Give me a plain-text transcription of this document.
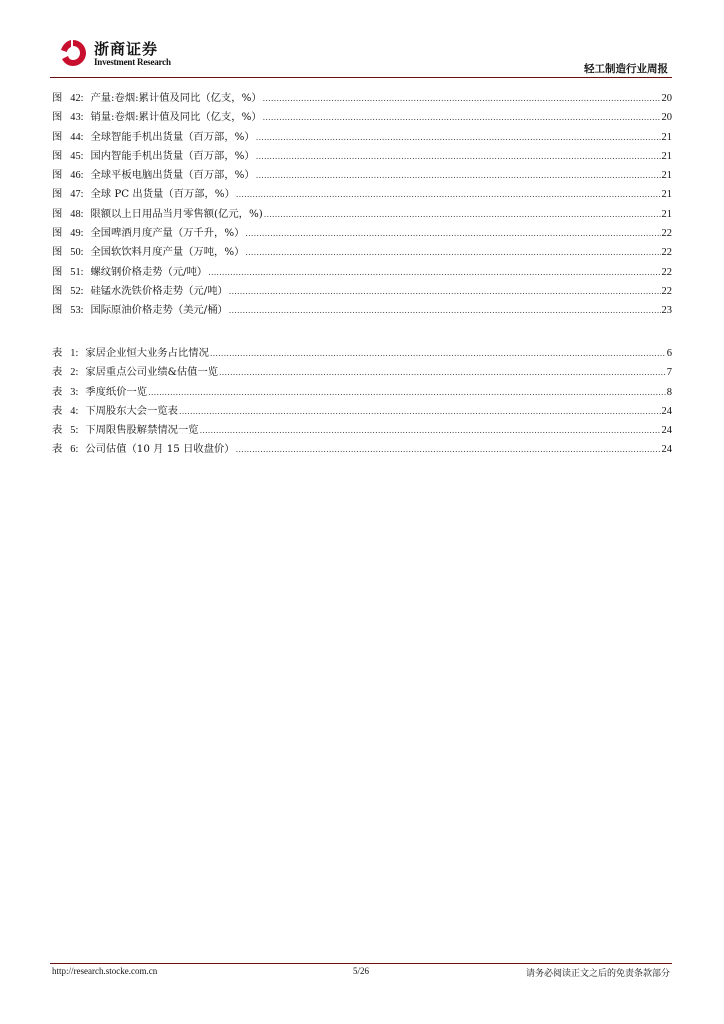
浙商证券
Investment Research
轻工制造行业周报
图 42: 产量:卷烟:累计值及同比（亿支，%） .....	20
图 43: 销量:卷烟:累计值及同比（亿支，%） .....	20
图 44: 全球智能手机出货量（百万部，%） .....	21
图 45: 国内智能手机出货量（百万部，%） .....	21
图 46: 全球平板电脑出货量（百万部，%） .....	21
图 47: 全球 PC 出货量（百万部，%） .....	21
图 48: 限额以上日用品当月零售额(亿元，%) .....	21
图 49: 全国啤酒月度产量（万千升，%） .....	22
图 50: 全国软饮料月度产量（万吨，%） .....	22
图 51: 螺纹钢价格走势（元/吨） .....	22
图 52: 硅锰水洗铁价格走势（元/吨） .....	22
图 53: 国际原油价格走势（美元/桶） .....	23
表 1: 家居企业恒大业务占比情况 .....	6
表 2: 家居重点公司业绩&估值一览 .....	7
表 3: 季度纸价一览 .....	8
表 4: 下周股东大会一览表 .....	24
表 5: 下周限售股解禁情况一览 .....	24
表 6: 公司估值（10 月 15 日收盘价） .....	24
http://research.stocke.com.cn	5/26	请务必阅读正文之后的免责条款部分
